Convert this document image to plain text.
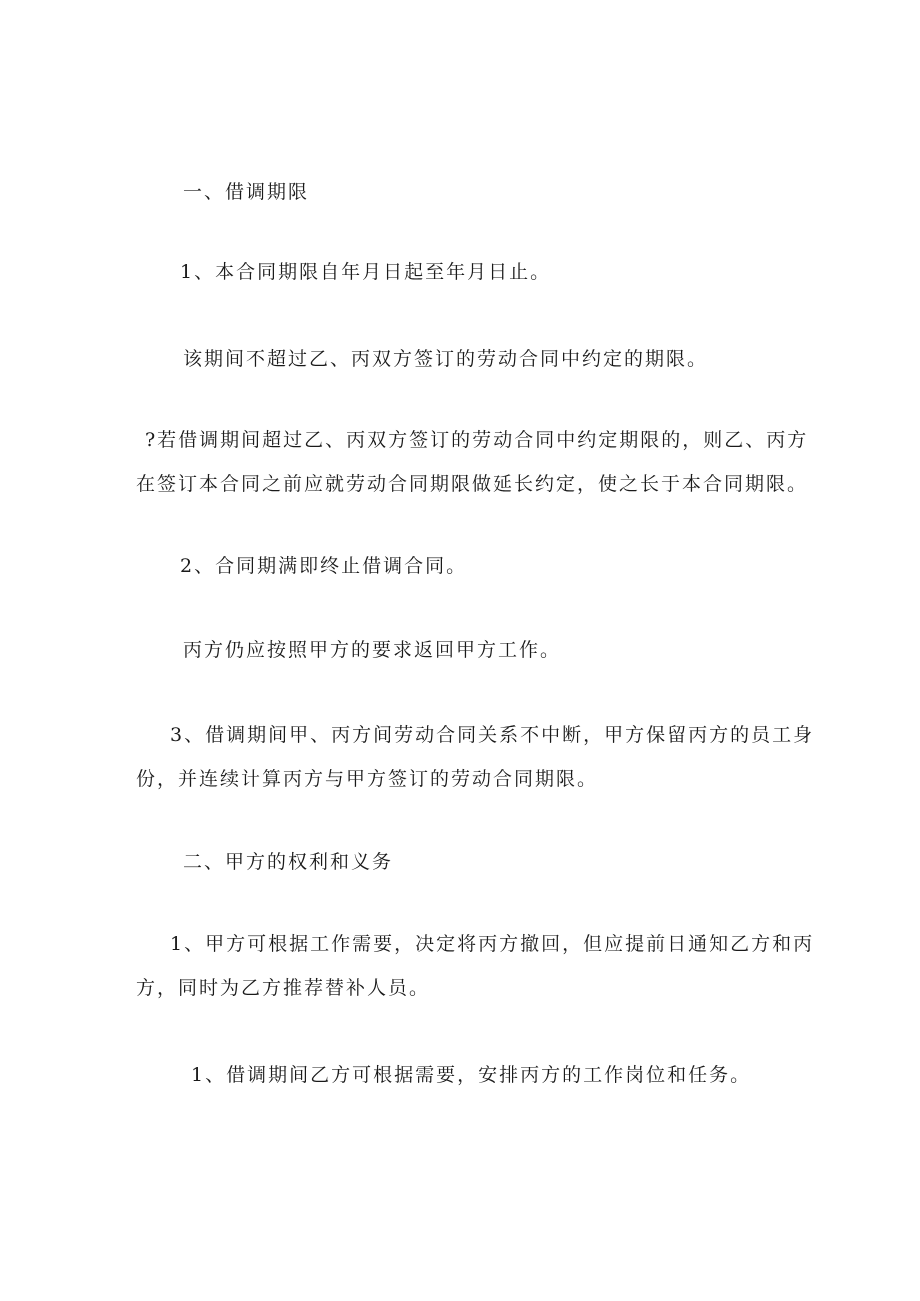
一、借调期限
1、本合同期限自年月日起至年月日止。
该期间不超过乙、丙双方签订的劳动合同中约定的期限。
?若借调期间超过乙、丙双方签订的劳动合同中约定期限的，则乙、丙方
在签订本合同之前应就劳动合同期限做延长约定，使之长于本合同期限。
2、合同期满即终止借调合同。
丙方仍应按照甲方的要求返回甲方工作。
3、借调期间甲、丙方间劳动合同关系不中断，甲方保留丙方的员工身
份，并连续计算丙方与甲方签订的劳动合同期限。
二、甲方的权利和义务
1、甲方可根据工作需要，决定将丙方撤回，但应提前日通知乙方和丙
方，同时为乙方推荐替补人员。
1、借调期间乙方可根据需要，安排丙方的工作岗位和任务。
